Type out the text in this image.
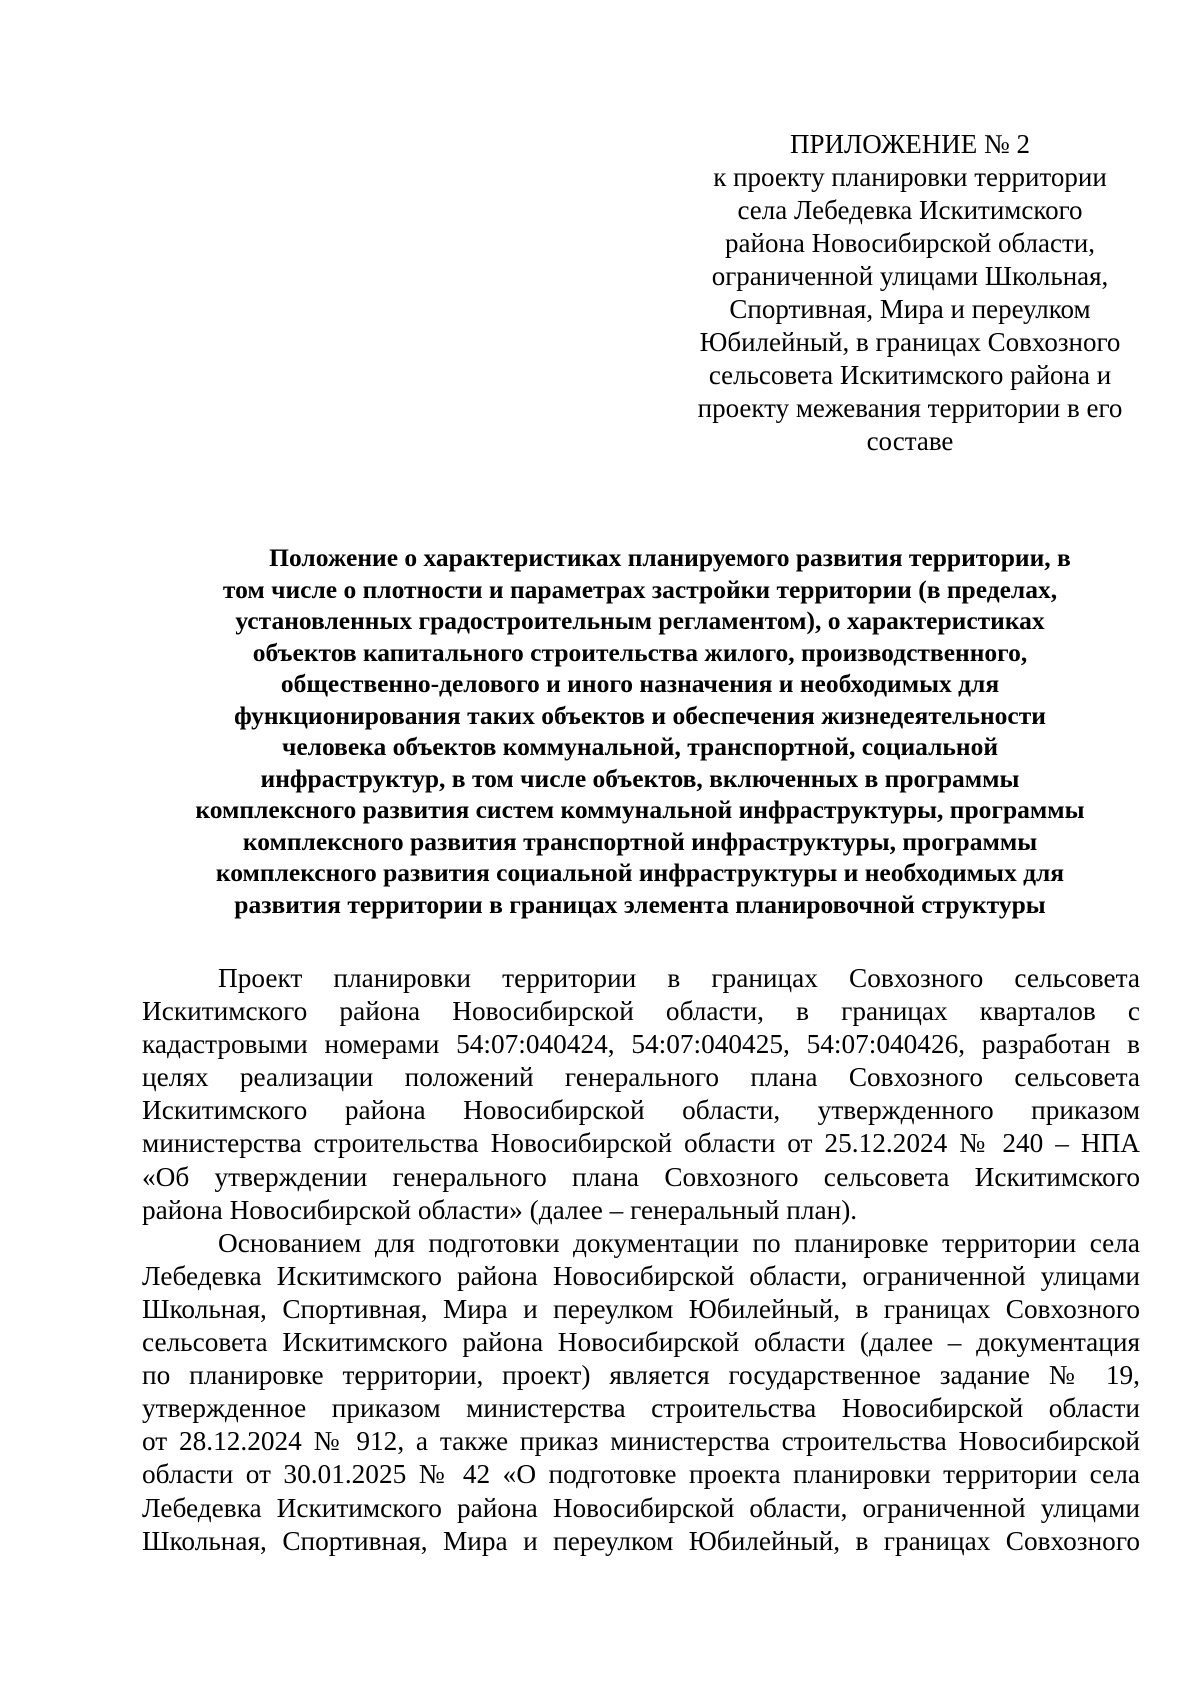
ПРИЛОЖЕНИЕ № 2
к проекту планировки территории
села Лебедевка Искитимского
района Новосибирской области,
ограниченной улицами Школьная,
Спортивная, Мира и переулком
Юбилейный, в границах Совхозного
сельсовета Искитимского района и
проекту межевания территории в его
составе
Положение о характеристиках планируемого развития территории, в
том числе о плотности и параметрах застройки территории (в пределах,
установленных градостроительным регламентом), о характеристиках
объектов капитального строительства жилого, производственного,
общественно-делового и иного назначения и необходимых для
функционирования таких объектов и обеспечения жизнедеятельности
человека объектов коммунальной, транспортной, социальной
инфраструктур, в том числе объектов, включенных в программы
комплексного развития систем коммунальной инфраструктуры, программы
комплексного развития транспортной инфраструктуры, программы
комплексного развития социальной инфраструктуры и необходимых для
развития территории в границах элемента планировочной структуры
Проект планировки территории в границах Совхозного сельсовета
Искитимского района Новосибирской области, в границах кварталов с
кадастровыми номерами 54:07:040424, 54:07:040425, 54:07:040426, разработан в
целях реализации положений генерального плана Совхозного сельсовета
Искитимского района Новосибирской области, утвержденного приказом
министерства строительства Новосибирской области от 25.12.2024 № 240 – НПА
«Об утверждении генерального плана Совхозного сельсовета Искитимского
района Новосибирской области» (далее – генеральный план).
Основанием для подготовки документации по планировке территории села
Лебедевка Искитимского района Новосибирской области, ограниченной улицами
Школьная, Спортивная, Мира и переулком Юбилейный, в границах Совхозного
сельсовета Искитимского района Новосибирской области (далее – документация
по планировке территории, проект) является государственное задание № 19,
утвержденное приказом министерства строительства Новосибирской области
от 28.12.2024 № 912, а также приказ министерства строительства Новосибирской
области от 30.01.2025 № 42 «О подготовке проекта планировки территории села
Лебедевка Искитимского района Новосибирской области, ограниченной улицами
Школьная, Спортивная, Мира и переулком Юбилейный, в границах Совхозного
